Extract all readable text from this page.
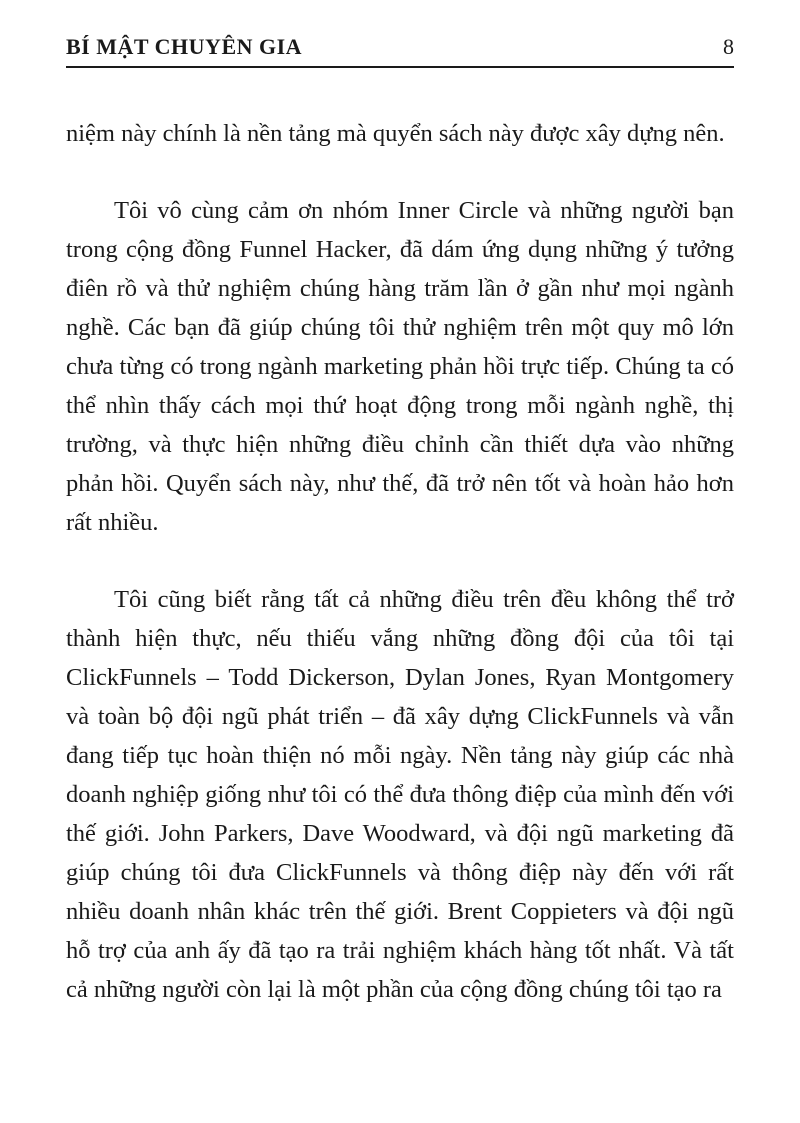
BÍ MẬT CHUYÊN GIA	8

niệm này chính là nền tảng mà quyển sách này được xây dựng nên.

Tôi vô cùng cảm ơn nhóm Inner Circle và những người bạn trong cộng đồng Funnel Hacker, đã dám ứng dụng những ý tưởng điên rồ và thử nghiệm chúng hàng trăm lần ở gần như mọi ngành nghề. Các bạn đã giúp chúng tôi thử nghiệm trên một quy mô lớn chưa từng có trong ngành marketing phản hồi trực tiếp. Chúng ta có thể nhìn thấy cách mọi thứ hoạt động trong mỗi ngành nghề, thị trường, và thực hiện những điều chỉnh cần thiết dựa vào những phản hồi. Quyển sách này, như thế, đã trở nên tốt và hoàn hảo hơn rất nhiều.

Tôi cũng biết rằng tất cả những điều trên đều không thể trở thành hiện thực, nếu thiếu vắng những đồng đội của tôi tại ClickFunnels – Todd Dickerson, Dylan Jones, Ryan Montgomery và toàn bộ đội ngũ phát triển – đã xây dựng ClickFunnels và vẫn đang tiếp tục hoàn thiện nó mỗi ngày. Nền tảng này giúp các nhà doanh nghiệp giống như tôi có thể đưa thông điệp của mình đến với thế giới. John Parkers, Dave Woodward, và đội ngũ marketing đã giúp chúng tôi đưa ClickFunnels và thông điệp này đến với rất nhiều doanh nhân khác trên thế giới. Brent Coppieters và đội ngũ hỗ trợ của anh ấy đã tạo ra trải nghiệm khách hàng tốt nhất. Và tất cả những người còn lại là một phần của cộng đồng chúng tôi tạo ra
